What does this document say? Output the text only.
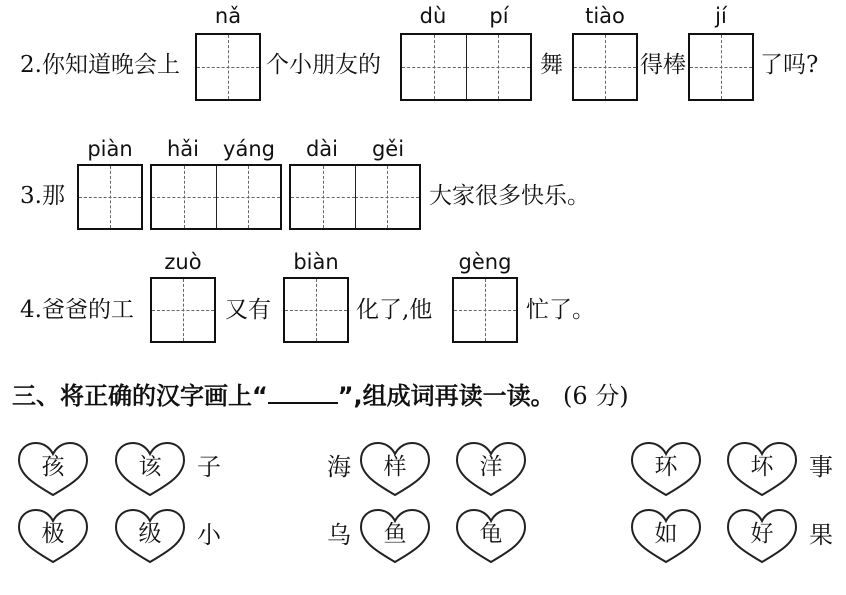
nǎ	dù	pí	tiào	jí
2.你知道晚会上	个小朋友的	舞	得棒	了吗?
piàn	hǎi	yáng	dài	gěi
3.那	大家很多快乐。
zuò	biàn	gèng
4.爸爸的工	又有	化了,他	忙了。
三、将正确的汉字画上“	”,组成词再读一读。 (6 分)
孩	该	子	海	样	洋	环	坏	事
极	级	小	乌	鱼	龟	如	好	果
